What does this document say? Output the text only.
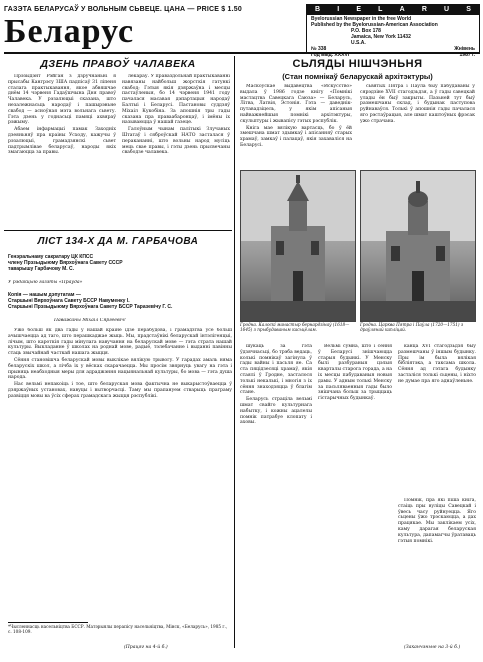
ГАЗЭТА БЕЛАРУСАЎ У ВОЛЬНЫМ СЬВЕЦЕ. ЦАНА — PRICE $ 1.50
Беларус
B I E L A R U S
Byelorussian Newspaper in the free World
Published by the Byelorussian-American Association
P.O. Box 178
Jamaica, New York 11432
U.S.A.
№ 338	Жнівень
Год выд. XXXVI	1987 г.
ДЗЕНЬ ПРАВОЎ ЧАЛАВЕКА

Прэзыдэнт Рэйган з дзручнаньні я прысабы Кангрэсу ЗША падпісаў 31 ліпеня сталага практыкавання, якое абвяшчае днём 14 чэрвеня Гадаўшчына Дня правоў Чалавека. У рэзалюцыі сказана, што незалежнасьць народаў і пашырэньне свабод — асноўная мэта вольнага сьвету. Гэта дзень у годнасьці памяці ахвяраў рэжыму.

Абаем інфармацыі памак Заходніх дзеяньняў пра краіны Усходу, кажучы ў рэзалюцыі, грамадзянскі сьвет падтрымлівае беларусаў, народы якіх змагаюцца за правы.

лекараў. У праваздольнай практыкаванні навязаны найбольш жорсткія гатункі свабод; Гэтыя якія дзяржаўна і месцы пастаўленыя, бо 14 чэрвеня 1941 году пачалася масавая дэпартацыя народаў Балтыі і Беларусі. Пастановы суддзяў Міхаіл Кукобіна. За апошнія тры гады сказана пра праваабаронцаў, і імёны іх называюцца ў нашай газеце.

Галоўным чынам палітыкі Злучаных Штатаў і сяброўскай НАТО засталася ў перакананні, што вольны народ мусіць мець свае правы, і гэты дзень прысвечаны свабодзе чалавека.

ЛІСТ 134-Х ДА М. ГАРБАЧОВА
Генэральнаму сакратару ЦК КПСС
члену Прэзыдыюму Вярхоўнага Савету СССР
таварышу Гарбачову М. С.
У рэдакцыю газэты «Праўда»
Копія — нашым дэпутатам —
Старшыні Вярхоўнага Савету БССР Навуменку І.
Старшыні Прэзыдыюму Вярхоўнага Савету БССР Таразевічу Г. С.
Паважаны Міхаіл Сяргеевіч!

Ужо больш як два гады ў нашай краіне ідзе перабудова, і грамадзтва ўсё больш ачышчаецца ад таго, што перашкаджае жыць. Мы, прадстаўнікі беларускай інтэлігенцыі, лічым, што кароткія гады мінулага навучання на беларускай мове — гэта страта нашай культуры. Выкладанне ў школах на роднай мове, радыё, тэлебачанне і выданні павінны стаць звычайнай часткай нашага жыцця.

Сёння становішча беларускай мовы выклікае вялікую трывогу. У гарадах амаль няма беларускіх школ, а лічба іх у вёсках скарачаецца. Мы просім звярнуць увагу на гэта і прыняць неабходныя меры для адраджэння нацыянальнай культуры, бо мова — гэта душа народа.

Нас вельмі непакоіць і тое, што беларуская мова фактычна не выкарыстоўваецца ў дзяржаўных установах, навуцы і вытворчасці. Таму мы прапануем стварыць праграму развіцця мовы ва ўсіх сферах грамадскага жыцця рэспублікі.

*Чысленнасць насельніцтва БССР. Матэрыялы перапісу насельніцтва, Мінск, «Беларусь», 1985 г., с. 108-109.
(Працяг на 4-й б.)
СЬЛЯДЫ НІШЧЭНЬНЯ
(Стан помнікаў беларускай архітэктуры)

Маскоўскае выдавецтва «Искусство» выдала ў 1986 годзе кнігу «Помнікі мастацтва Савецкага Саюза» — Беларусь, Літва, Латвія, Эстонія. Гэта — даведнік-путавадзіцель, у якім апісаныя найважнейшыя помнікі архітэктуры, скульптуры і жывапісу гэтых рэспублік.

Кніга мае вялікую вартасць, бо ў ёй змешчана шмат здымкаў і апісанняў старых храмаў, замкаў і палацаў, якія захаваліся на Беларусі.

сьвятых Пятра і Паўла быў пабудаваны ў сярэдзіне ХVІІ стагодзьдзя, а ў гады савецкай улады ён быў закрыты. Пазьней тут быў размешчаны склад, і будынак паступова руйнаваўся. Толькі ў апошнія гады пачалася яго рэстаўрацыя, але шмат каштоўных фрэсак ужо страчана.

Гродна. Калоскі манастыр бернардзінаў (1618—1645) з прыбудаваным касьцёлам.
Гродна. Царква Пятра і Паўла (1720—1751) з драўлянай капліцай.

шукаць за гэта ўдзячнасьці, бо трэба ведаць, колькі помнікаў загінула ў гады вайны і пасьля яе. Са ста пяцідзесяці храмаў, якія стаялі ў Гродне, засталося толькі некалькі, і многія з іх сёння знаходзяцца ў благім стане.

Беларусь страціла вельмі шмат свайго культурнага набытку, і кожны ацалелы помнік патрабуе клопату і аховы.

Вельмі сумна, што і сёння ў Беларусі знішчаюцца старыя будынкі. У Менску былі разбураныя цэлыя кварталы старога горада, а на іх месцы пабудаваныя новыя дамы. У адным толькі Менску за пасьляваенныя гады было знішчана больш за трыццаць гістарычных будынкаў.

канца ХVІ стагодзьдзя быў размешчаны ў іншым будынку. Пры ім была вялікая бібліятэка, а таксама школа. Сёння ад гэтага будынку засталіся толькі сьцены, і ніхто не думае пра яго аднаўленьне.

Помнік, пра які піша кніга, стаіць пры вуліцы Савецкай і ўвесь часу руйнуецца. Яго сьцены ўжо трэскаюцца, а дах працякае. Мы заклікаем усіх, каму дарагая беларуская культура, дапамагчы ўратаваць гэтыя помнікі.

(Заканчэньне на 3-й б.)
